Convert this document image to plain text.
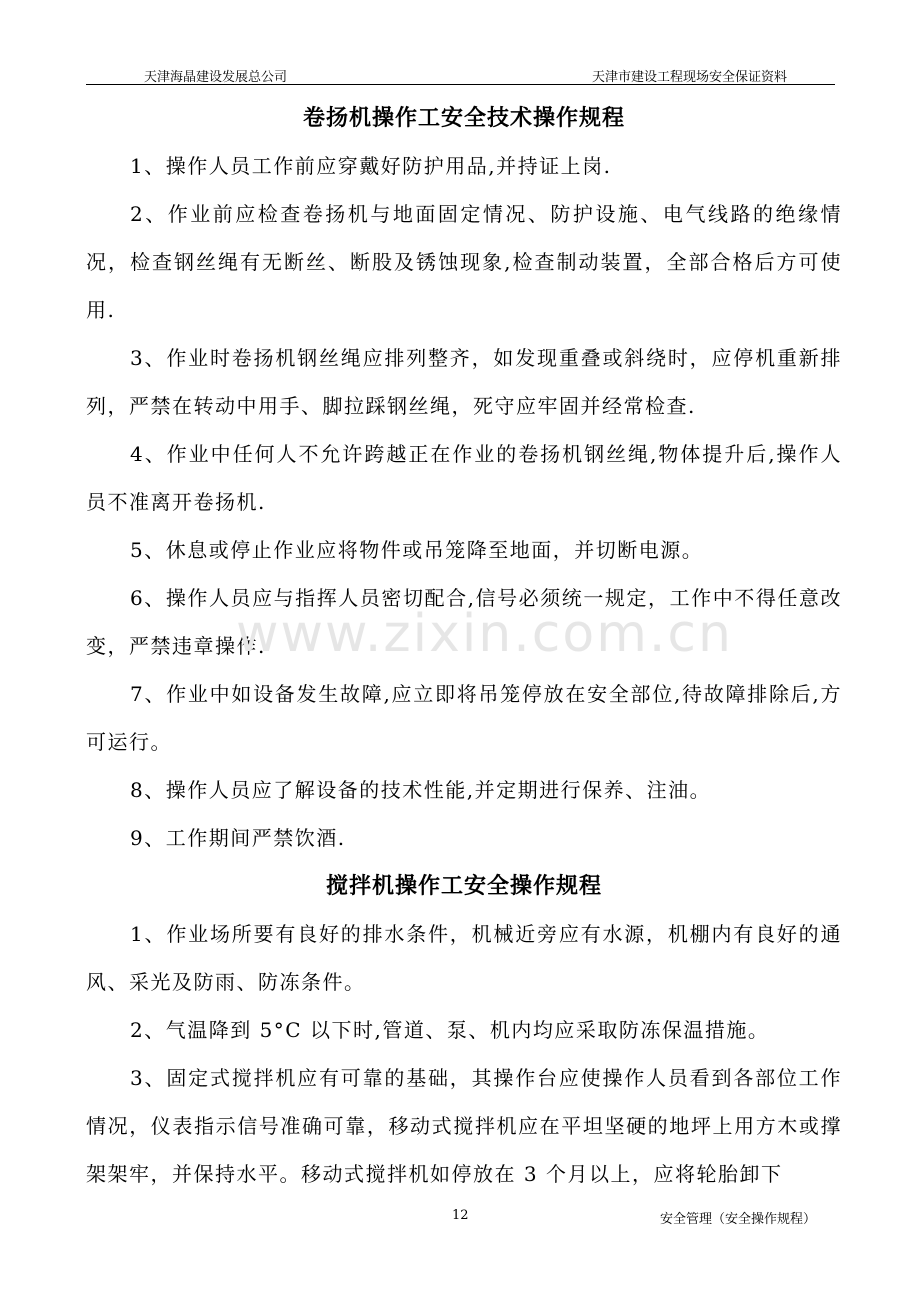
天津海晶建设发展总公司	天津市建设工程现场安全保证资料
卷扬机操作工安全技术操作规程

1、操作人员工作前应穿戴好防护用品,并持证上岗.

2、作业前应检查卷扬机与地面固定情况、防护设施、电气线路的绝缘情况，检查钢丝绳有无断丝、断股及锈蚀现象,检查制动装置，全部合格后方可使用.

3、作业时卷扬机钢丝绳应排列整齐，如发现重叠或斜绕时，应停机重新排列，严禁在转动中用手、脚拉踩钢丝绳，死守应牢固并经常检查.

4、作业中任何人不允许跨越正在作业的卷扬机钢丝绳,物体提升后,操作人员不准离开卷扬机.

5、休息或停止作业应将物件或吊笼降至地面，并切断电源。

6、操作人员应与指挥人员密切配合,信号必须统一规定，工作中不得任意改变，严禁违章操作.

7、作业中如设备发生故障,应立即将吊笼停放在安全部位,待故障排除后,方可运行。

8、操作人员应了解设备的技术性能,并定期进行保养、注油。

9、工作期间严禁饮酒.

搅拌机操作工安全操作规程

1、作业场所要有良好的排水条件，机械近旁应有水源，机棚内有良好的通风、采光及防雨、防冻条件。

2、气温降到 5°C 以下时,管道、泵、机内均应采取防冻保温措施。

3、固定式搅拌机应有可靠的基础，其操作台应使操作人员看到各部位工作情况，仪表指示信号准确可靠，移动式搅拌机应在平坦坚硬的地坪上用方木或撑架架牢，并保持水平。移动式搅拌机如停放在 3 个月以上，应将轮胎卸下

www.zixin.com.cn
12	安全管理（安全操作规程）
